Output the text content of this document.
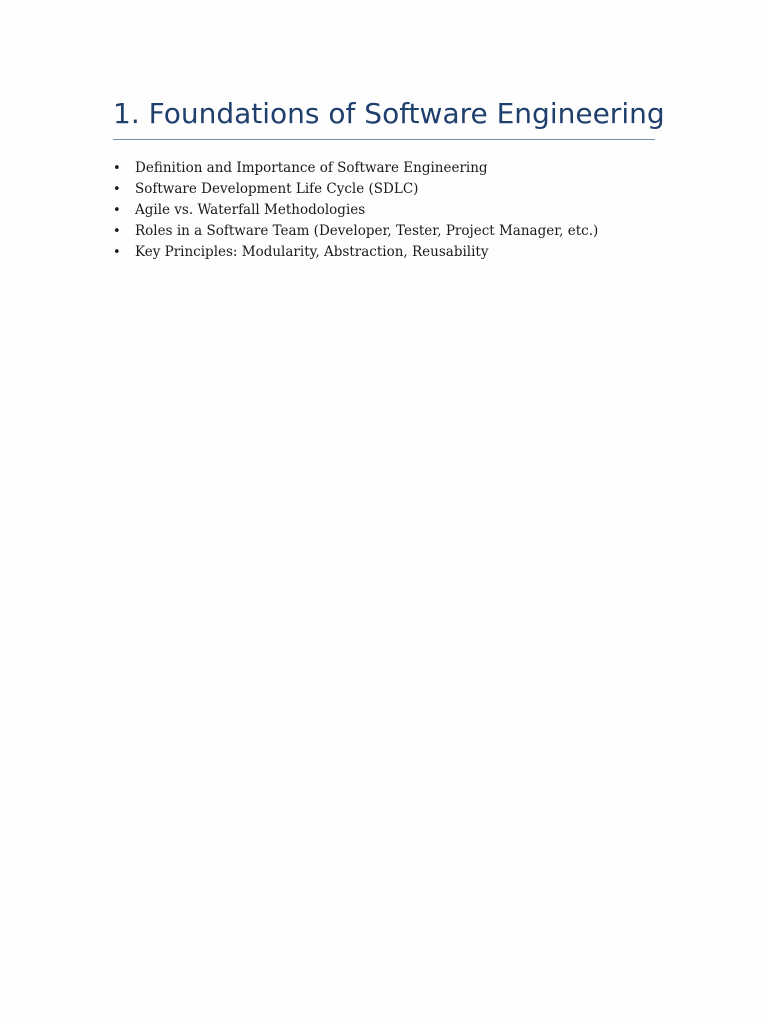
1. Foundations of Software Engineering
• Definition and Importance of Software Engineering
• Software Development Life Cycle (SDLC)
• Agile vs. Waterfall Methodologies
• Roles in a Software Team (Developer, Tester, Project Manager, etc.)
• Key Principles: Modularity, Abstraction, Reusability
